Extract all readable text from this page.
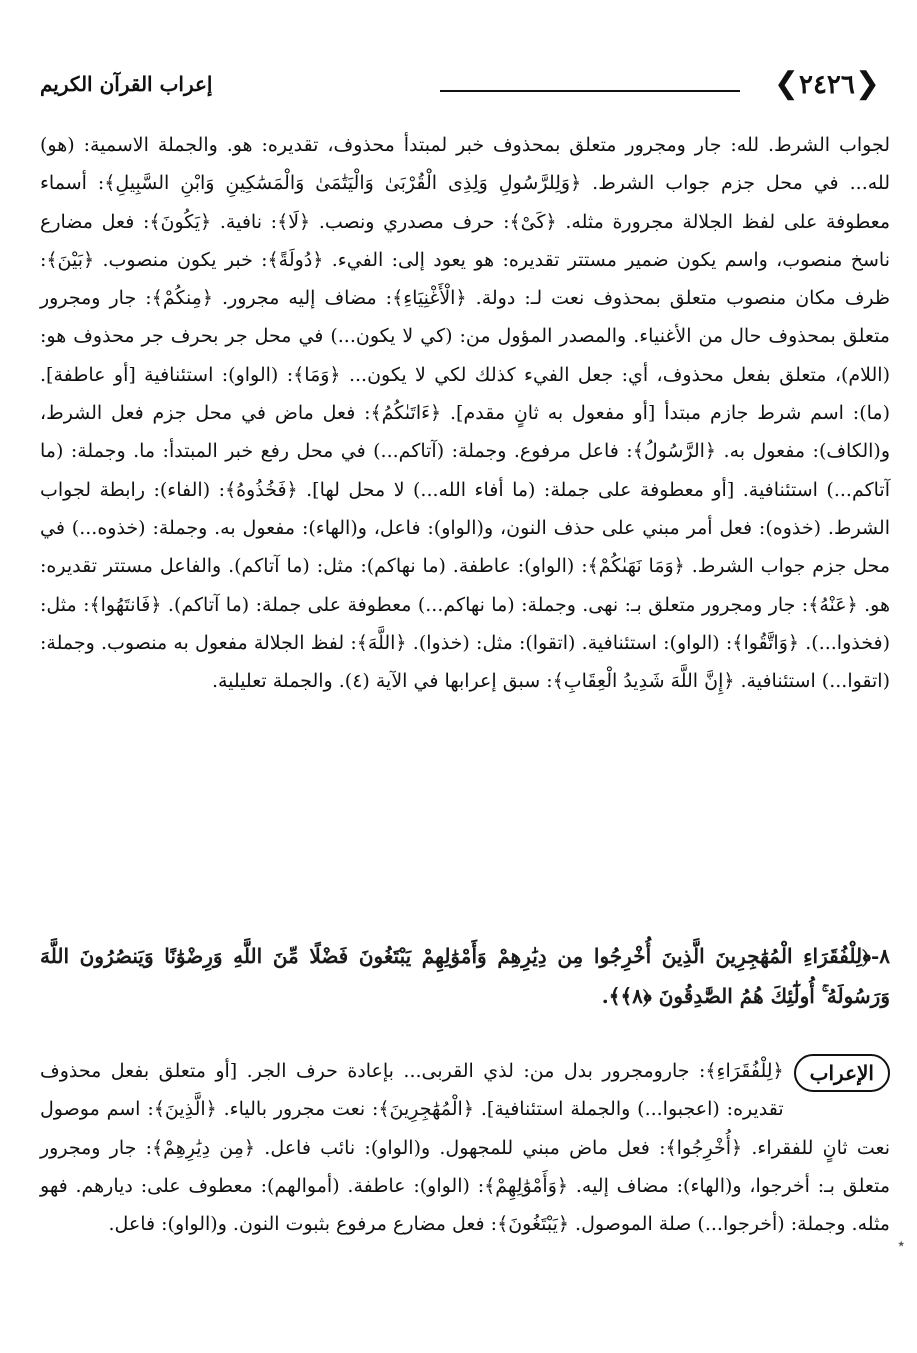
❮٢٤٢٦❯
إعراب القرآن الكريم
لجواب الشرط. لله: جار ومجرور متعلق بمحذوف خبر لمبتدأ محذوف، تقديره: هو. والجملة الاسمية: (هو) لله... في محل جزم جواب الشرط. ﴿وَلِلرَّسُولِ وَلِذِى الْقُرْبَىٰ وَالْيَتَٰمَىٰ وَالْمَسَٰكِينِ وَابْنِ السَّبِيلِ﴾: أسماء معطوفة على لفظ الجلالة مجرورة مثله. ﴿كَىْ﴾: حرف مصدري ونصب. ﴿لَا﴾: نافية. ﴿يَكُونَ﴾: فعل مضارع ناسخ منصوب، واسم يكون ضمير مستتر تقديره: هو يعود إلى: الفيء. ﴿دُولَةً﴾: خبر يكون منصوب. ﴿بَيْنَ﴾: ظرف مكان منصوب متعلق بمحذوف نعت لـ: دولة. ﴿الْأَغْنِيَاءِ﴾: مضاف إليه مجرور. ﴿مِنكُمْ﴾: جار ومجرور متعلق بمحذوف حال من الأغنياء. والمصدر المؤول من: (كي لا يكون...) في محل جر بحرف جر محذوف هو: (اللام)، متعلق بفعل محذوف، أي: جعل الفيء كذلك لكي لا يكون... ﴿وَمَا﴾: (الواو): استئنافية [أو عاطفة]. (ما): اسم شرط جازم مبتدأ [أو مفعول به ثانٍ مقدم]. ﴿ءَاتَىٰكُمُ﴾: فعل ماض في محل جزم فعل الشرط، و(الكاف): مفعول به. ﴿الرَّسُولُ﴾: فاعل مرفوع. وجملة: (آتاكم...) في محل رفع خبر المبتدأ: ما. وجملة: (ما آتاكم...) استئنافية. [أو معطوفة على جملة: (ما أفاء الله...) لا محل لها]. ﴿فَخُذُوهُ﴾: (الفاء): رابطة لجواب الشرط. (خذوه): فعل أمر مبني على حذف النون، و(الواو): فاعل، و(الهاء): مفعول به. وجملة: (خذوه...) في محل جزم جواب الشرط. ﴿وَمَا نَهَىٰكُمْ﴾: (الواو): عاطفة. (ما نهاكم): مثل: (ما آتاكم). والفاعل مستتر تقديره: هو. ﴿عَنْهُ﴾: جار ومجرور متعلق بـ: نهى. وجملة: (ما نهاكم...) معطوفة على جملة: (ما آتاكم). ﴿فَانتَهُوا﴾: مثل: (فخذوا...). ﴿وَاتَّقُوا﴾: (الواو): استئنافية. (اتقوا): مثل: (خذوا). ﴿اللَّهَ﴾: لفظ الجلالة مفعول به منصوب. وجملة: (اتقوا...) استئنافية. ﴿إِنَّ اللَّهَ شَدِيدُ الْعِقَابِ﴾: سبق إعرابها في الآية (٤). والجملة تعليلية.
٨-﴿لِلْفُقَرَاءِ الْمُهَٰجِرِينَ الَّذِينَ أُخْرِجُوا مِن دِيَٰرِهِمْ وَأَمْوَٰلِهِمْ يَبْتَغُونَ فَضْلًا مِّنَ اللَّهِ وَرِضْوَٰنًا وَيَنصُرُونَ اللَّهَ وَرَسُولَهُ ۚ أُولَٰٓئِكَ هُمُ الصَّٰدِقُونَ ﴿٨﴾﴾.
الإعراب
﴿لِلْفُقَرَاءِ﴾: جارومجرور بدل من: لذي القربى... بإعادة حرف الجر. [أو متعلق بفعل محذوف تقديره: (اعجبوا...) والجملة استئنافية]. ﴿الْمُهَٰجِرِينَ﴾: نعت مجرور بالياء. ﴿الَّذِينَ﴾: اسم موصول نعت ثانٍ للفقراء. ﴿أُخْرِجُوا﴾: فعل ماض مبني للمجهول. و(الواو): نائب فاعل. ﴿مِن دِيَٰرِهِمْ﴾: جار ومجرور متعلق بـ: أخرجوا، و(الهاء): مضاف إليه. ﴿وَأَمْوَٰلِهِمْ﴾: (الواو): عاطفة. (أموالهم): معطوف على: ديارهم. فهو مثله. وجملة: (أخرجوا...) صلة الموصول. ﴿يَبْتَغُونَ﴾: فعل مضارع مرفوع بثبوت النون. و(الواو): فاعل.
٭
